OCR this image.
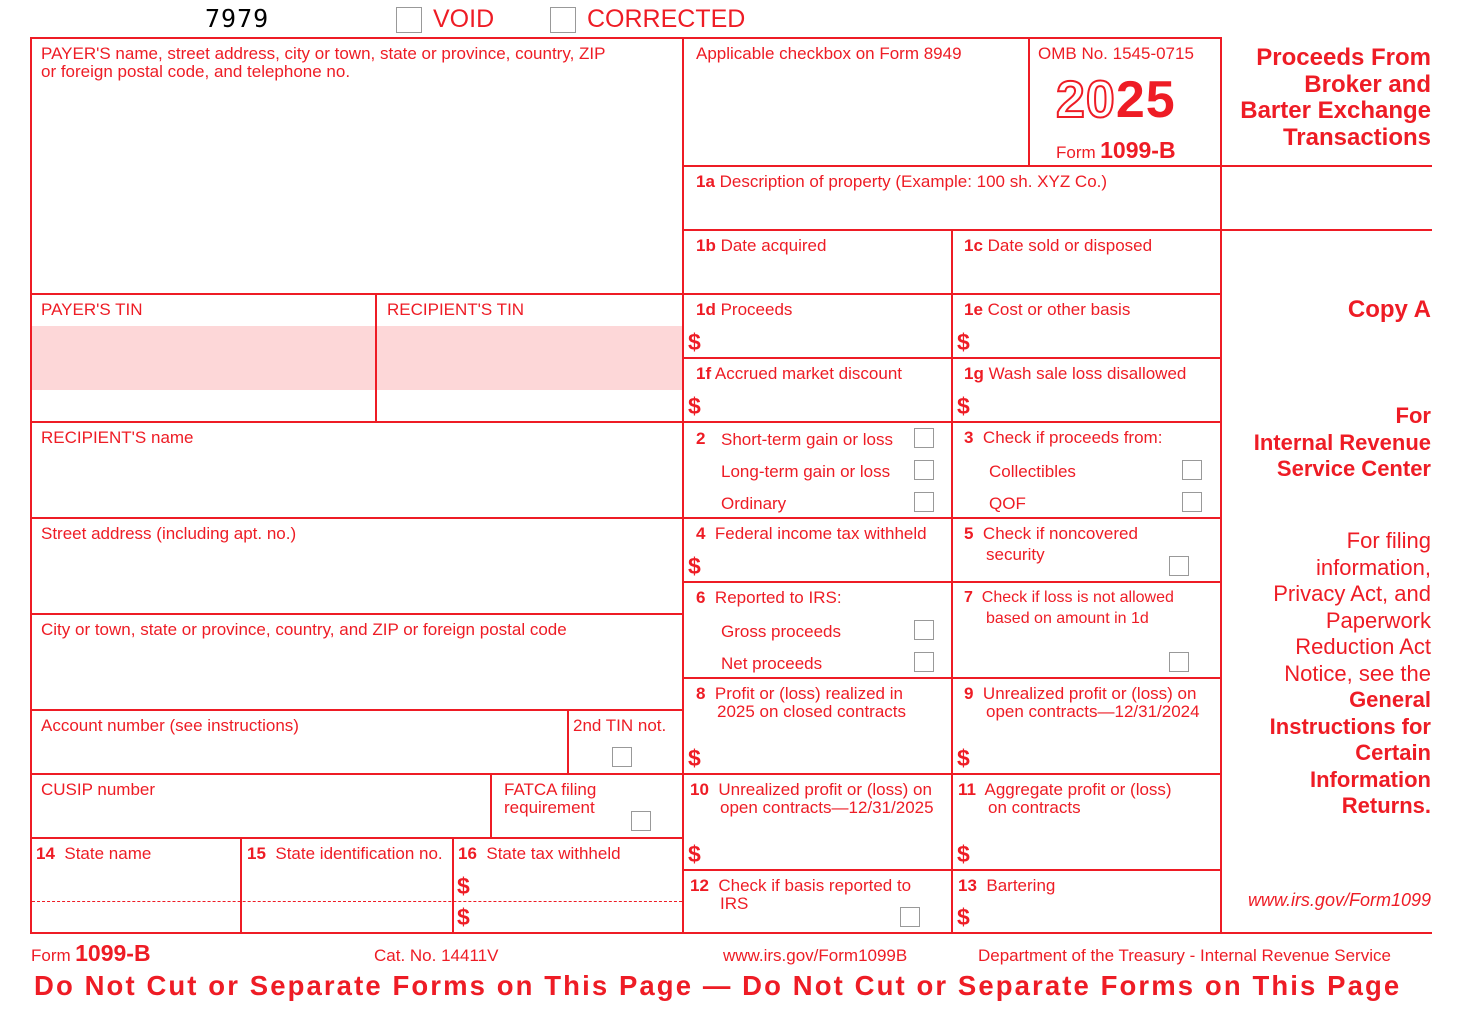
7979	VOID	CORRECTED
PAYER'S name, street address, city or town, state or province, country, ZIP
or foreign postal code, and telephone no.
PAYER'S TIN	RECIPIENT'S TIN
RECIPIENT'S name
Street address (including apt. no.)
City or town, state or province, country, and ZIP or foreign postal code
Account number (see instructions)	2nd TIN not.
CUSIP number	FATCA filing
requirement
14 State name	15 State identification no. 16 State tax withheld
$
$
Applicable checkbox on Form 8949	OMB No. 1545-0715
2025
Form 1099-B
Proceeds From
Broker and
Barter Exchange
Transactions
1a Description of property (Example: 100 sh. XYZ Co.)
1b Date acquired	1c Date sold or disposed
1d Proceeds
$
1e Cost or other basis
$
1f Accrued market discount
$
1g Wash sale loss disallowed
$
2 Short-term gain or loss
Long-term gain or loss
Ordinary
3 Check if proceeds from:
Collectibles
QOF
4 Federal income tax withheld
$
5 Check if noncovered
security
6 Reported to IRS:
Gross proceeds
Net proceeds
7 Check if loss is not allowed
based on amount in 1d
8 Profit or (loss) realized in
2025 on closed contracts
$
9 Unrealized profit or (loss) on
open contracts—12/31/2024
$
10 Unrealized profit or (loss) on
open contracts—12/31/2025
$
11 Aggregate profit or (loss)
on contracts
$
12 Check if basis reported to
IRS
13 Bartering
$
Copy A
For
Internal Revenue
Service Center
For filing
information,
Privacy Act, and
Paperwork
Reduction Act
Notice, see the
General
Instructions for
Certain
Information
Returns.
www.irs.gov/Form1099
Form 1099-B	Cat. No. 14411V	www.irs.gov/Form1099B	Department of the Treasury - Internal Revenue Service
Do Not Cut or Separate Forms on This Page — Do Not Cut or Separate Forms on This Page
